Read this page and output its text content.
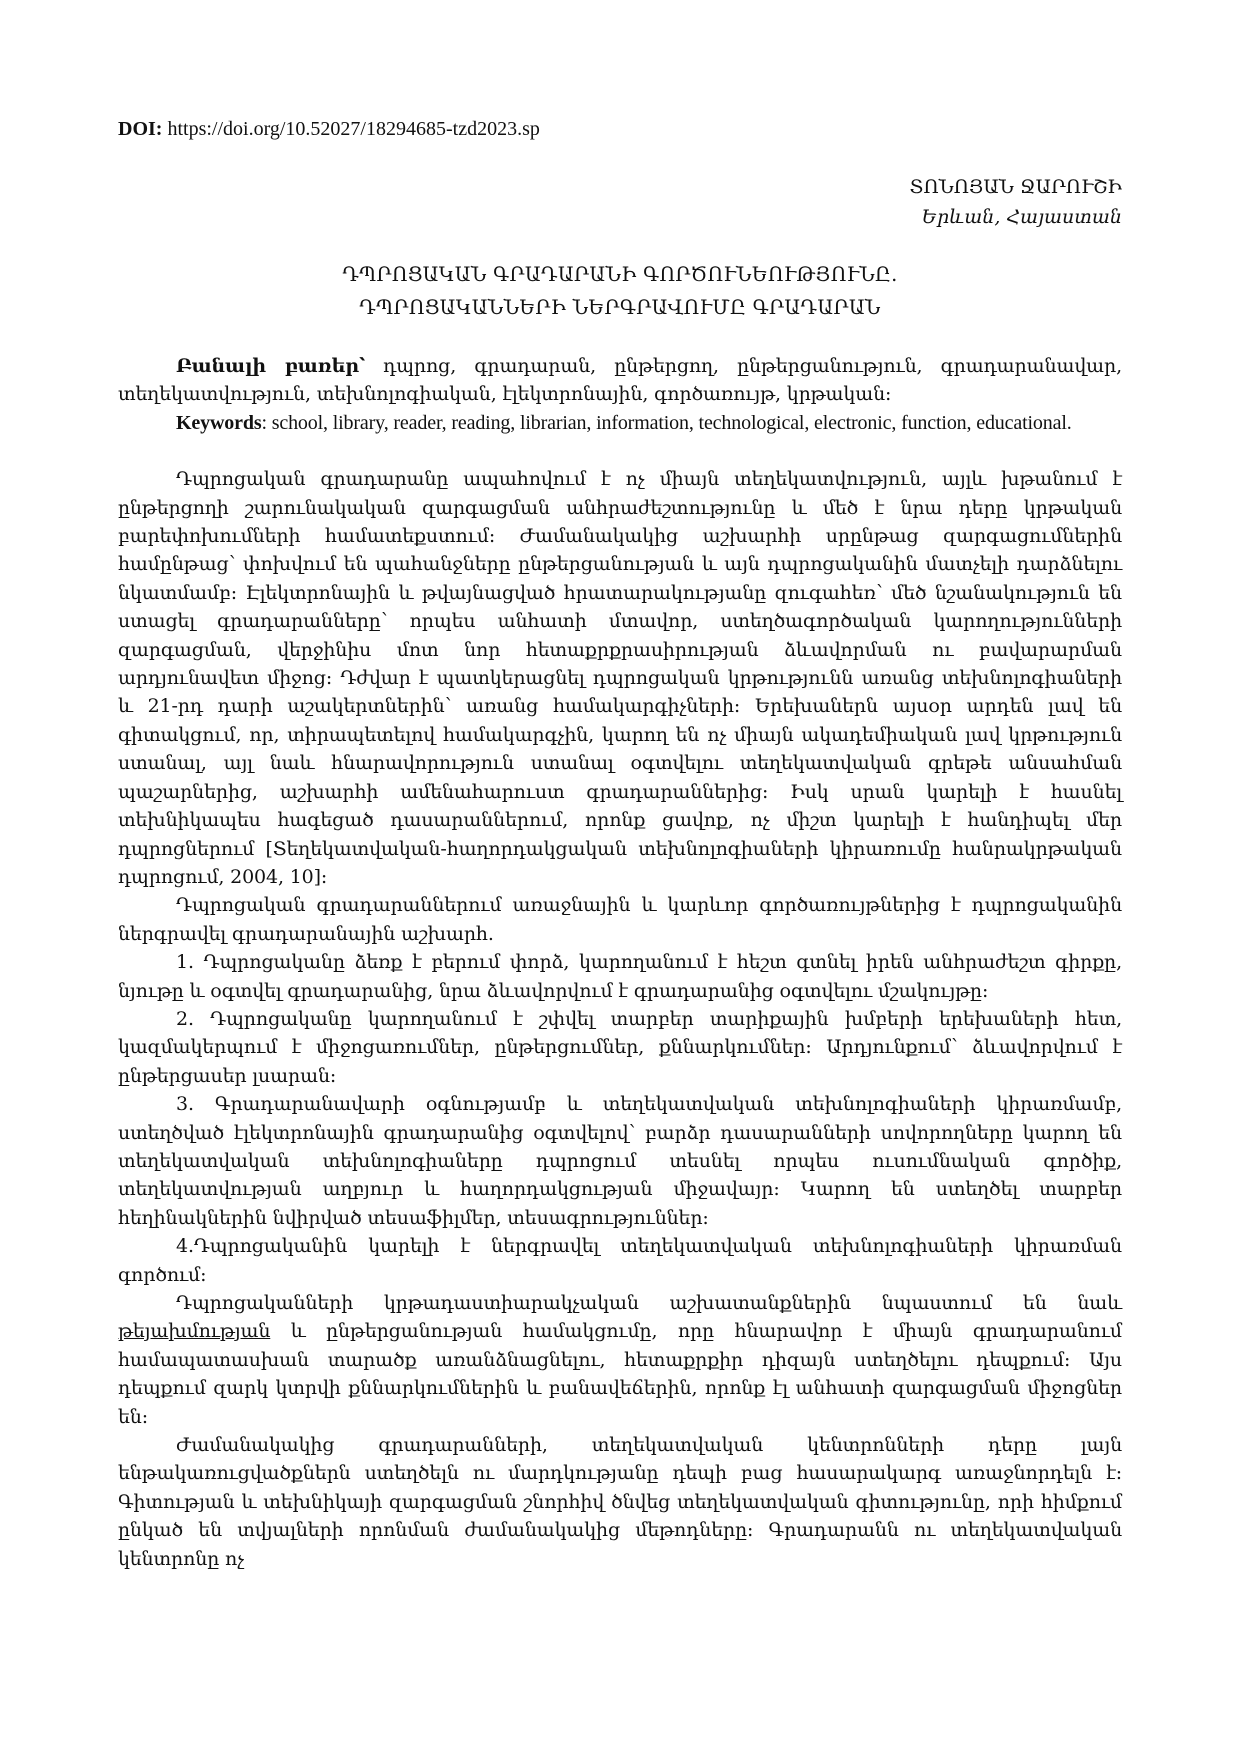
DOI: https://doi.org/10.52027/18294685-tzd2023.sp
ՏՈՆՈՅԱՆ ՋԱՐՈՒՇԻ
Երևան, Հայաստան
ԴՊՐՈՑԱԿԱՆ ԳՐԱԴԱՐԱՆԻ ԳՈՐԾՈՒՆԵՈՒԹՅՈՒՆԸ.
ԴՊՐՈՑԱԿԱՆՆԵՐԻ ՆԵՐԳՐԱՎՈՒՄԸ ԳՐԱԴԱՐԱՆ

Բանալի բառեր՝ դպրոց, գրադարան, ընթերցող, ընթերցանություն, գրադարանավար, տեղեկատվություն, տեխնոլոգիական, էլեկտրոնային, գործառույթ, կրթական:

Keywords: school, library, reader, reading, librarian, information, technological, electronic, function, educational.

Դպրոցական գրադարանը ապահովում է ոչ միայն տեղեկատվություն, այլև խթանում է ընթերցողի շարունակական զարգացման անհրաժեշտությունը և մեծ է նրա դերը կրթական բարեփոխումների համատեքստում: Ժամանակակից աշխարհի սրընթաց զարգացումներին համընթաց՝ փոխվում են պահանջները ընթերցանության և այն դպրոցականին մատչելի դարձնելու նկատմամբ: Էլեկտրոնային և թվայնացված հրատարակությանը զուգահեռ՝ մեծ նշանակություն են ստացել գրադարանները՝ որպես անհատի մտավոր, ստեղծագործական կարողությունների զարգացման, վերջինիս մոտ նոր հետաքրքրասիրության ձևավորման ու բավարարման արդյունավետ միջոց: Դժվար է պատկերացնել դպրոցական կրթությունն առանց տեխնոլոգիաների և 21-րդ դարի աշակերտներին՝ առանց համակարգիչների: Երեխաներն այսօր արդեն լավ են գիտակցում, որ, տիրապետելով համակարգչին, կարող են ոչ միայն ակադեմիական լավ կրթություն ստանալ, այլ նաև հնարավորություն ստանալ օգտվելու տեղեկատվական գրեթե անսահման պաշարներից, աշխարհի ամենահարուստ գրադարաններից: Իսկ սրան կարելի է հասնել տեխնիկապես հագեցած դասարաններում, որոնք ցավոք, ոչ միշտ կարելի է հանդիպել մեր դպրոցներում [Տեղեկատվական-հաղորդակցական տեխնոլոգիաների կիրառումը հանրակրթական դպրոցում, 2004, 10]:

Դպրոցական գրադարաններում առաջնային և կարևոր գործառույթներից է դպրոցականին ներգրավել գրադարանային աշխարհ.

1. Դպրոցականը ձեռք է բերում փորձ, կարողանում է հեշտ գտնել իրեն անհրաժեշտ գիրքը, նյութը և օգտվել գրադարանից, նրա ձևավորվում է գրադարանից օգտվելու մշակույթը:

2. Դպրոցականը կարողանում է շփվել տարբեր տարիքային խմբերի երեխաների հետ, կազմակերպում է միջոցառումներ, ընթերցումներ, քննարկումներ: Արդյունքում՝ ձևավորվում է ընթերցասեր լսարան:

3. Գրադարանավարի օգնությամբ և տեղեկատվական տեխնոլոգիաների կիրառմամբ, ստեղծված էլեկտրոնային գրադարանից օգտվելով՝ բարձր դասարանների սովորողները կարող են տեղեկատվական տեխնոլոգիաները դպրոցում տեսնել որպես ուսումնական գործիք, տեղեկատվության աղբյուր և հաղորդակցության միջավայր: Կարող են ստեղծել տարբեր հեղինակներին նվիրված տեսաֆիլմեր, տեսագրություններ:

4.Դպրոցականին կարելի է ներգրավել տեղեկատվական տեխնոլոգիաների կիրառման գործում:

Դպրոցականների կրթադաստիարակչական աշխատանքներին նպաստում են նաև թեյախմության և ընթերցանության համակցումը, որը հնարավոր է միայն գրադարանում համապատասխան տարածք առանձնացնելու, հետաքրքիր դիզայն ստեղծելու դեպքում: Այս դեպքում զարկ կտրվի քննարկումներին և բանավեճերին, որոնք էլ անհատի զարգացման միջոցներ են:

Ժամանակակից գրադարանների, տեղեկատվական կենտրոնների դերը լայն ենթակառուցվածքներն ստեղծելն ու մարդկությանը դեպի բաց հասարակարգ առաջնորդելն է: Գիտության և տեխնիկայի զարգացման շնորհիվ ծնվեց տեղեկատվական գիտությունը, որի հիմքում ընկած են տվյալների որոնման ժամանակակից մեթոդները: Գրադարանն ու տեղեկատվական կենտրոնը ոչ
